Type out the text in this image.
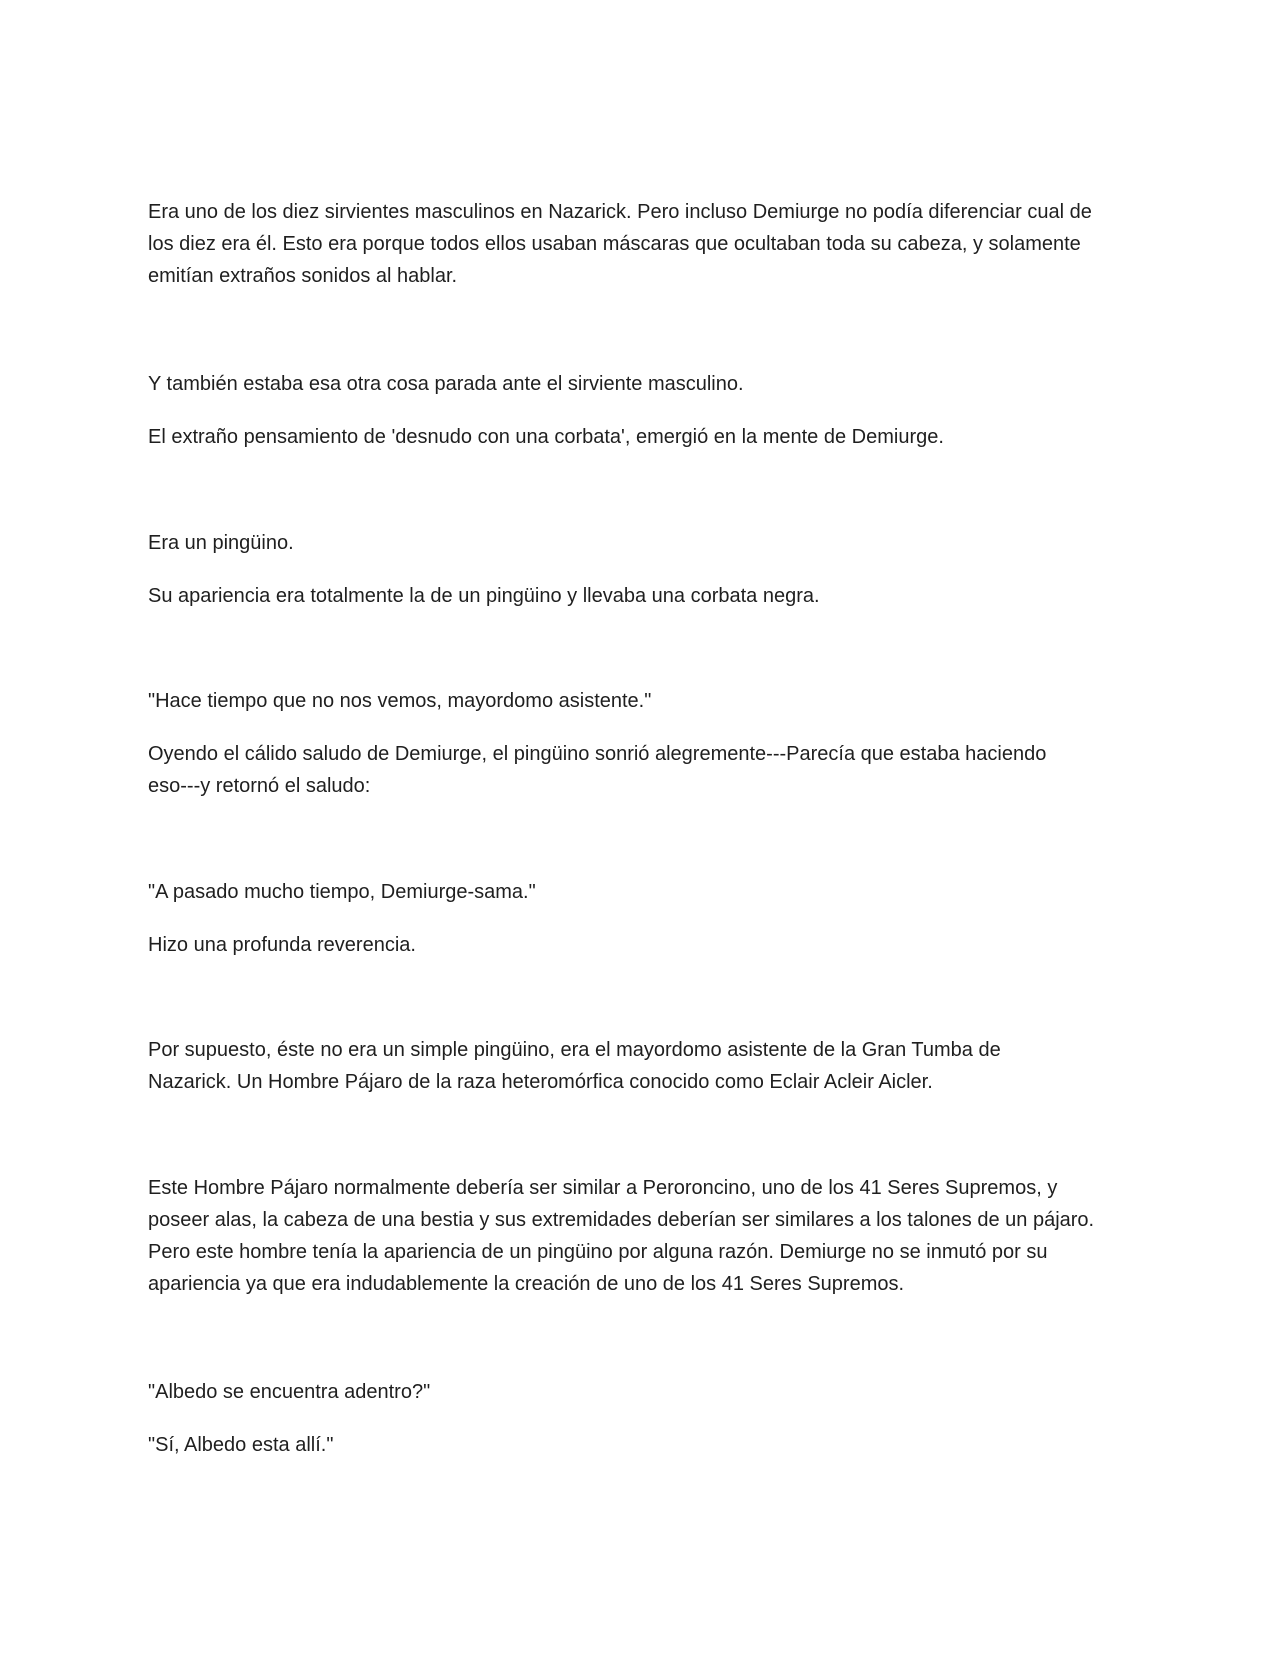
Era uno de los diez sirvientes masculinos en Nazarick. Pero incluso Demiurge no podía diferenciar cual de
los diez era él. Esto era porque todos ellos usaban máscaras que ocultaban toda su cabeza, y solamente
emitían extraños sonidos al hablar.

Y también estaba esa otra cosa parada ante el sirviente masculino.

El extraño pensamiento de 'desnudo con una corbata', emergió en la mente de Demiurge.

Era un pingüino.

Su apariencia era totalmente la de un pingüino y llevaba una corbata negra.

"Hace tiempo que no nos vemos, mayordomo asistente."

Oyendo el cálido saludo de Demiurge, el pingüino sonrió alegremente---Parecía que estaba haciendo
eso---y retornó el saludo:

"A pasado mucho tiempo, Demiurge-sama."

Hizo una profunda reverencia.

Por supuesto, éste no era un simple pingüino, era el mayordomo asistente de la Gran Tumba de
Nazarick. Un Hombre Pájaro de la raza heteromórfica conocido como Eclair Acleir Aicler.

Este Hombre Pájaro normalmente debería ser similar a Peroroncino, uno de los 41 Seres Supremos, y
poseer alas, la cabeza de una bestia y sus extremidades deberían ser similares a los talones de un pájaro.
Pero este hombre tenía la apariencia de un pingüino por alguna razón. Demiurge no se inmutó por su
apariencia ya que era indudablemente la creación de uno de los 41 Seres Supremos.

"Albedo se encuentra adentro?"

"Sí, Albedo esta allí."
